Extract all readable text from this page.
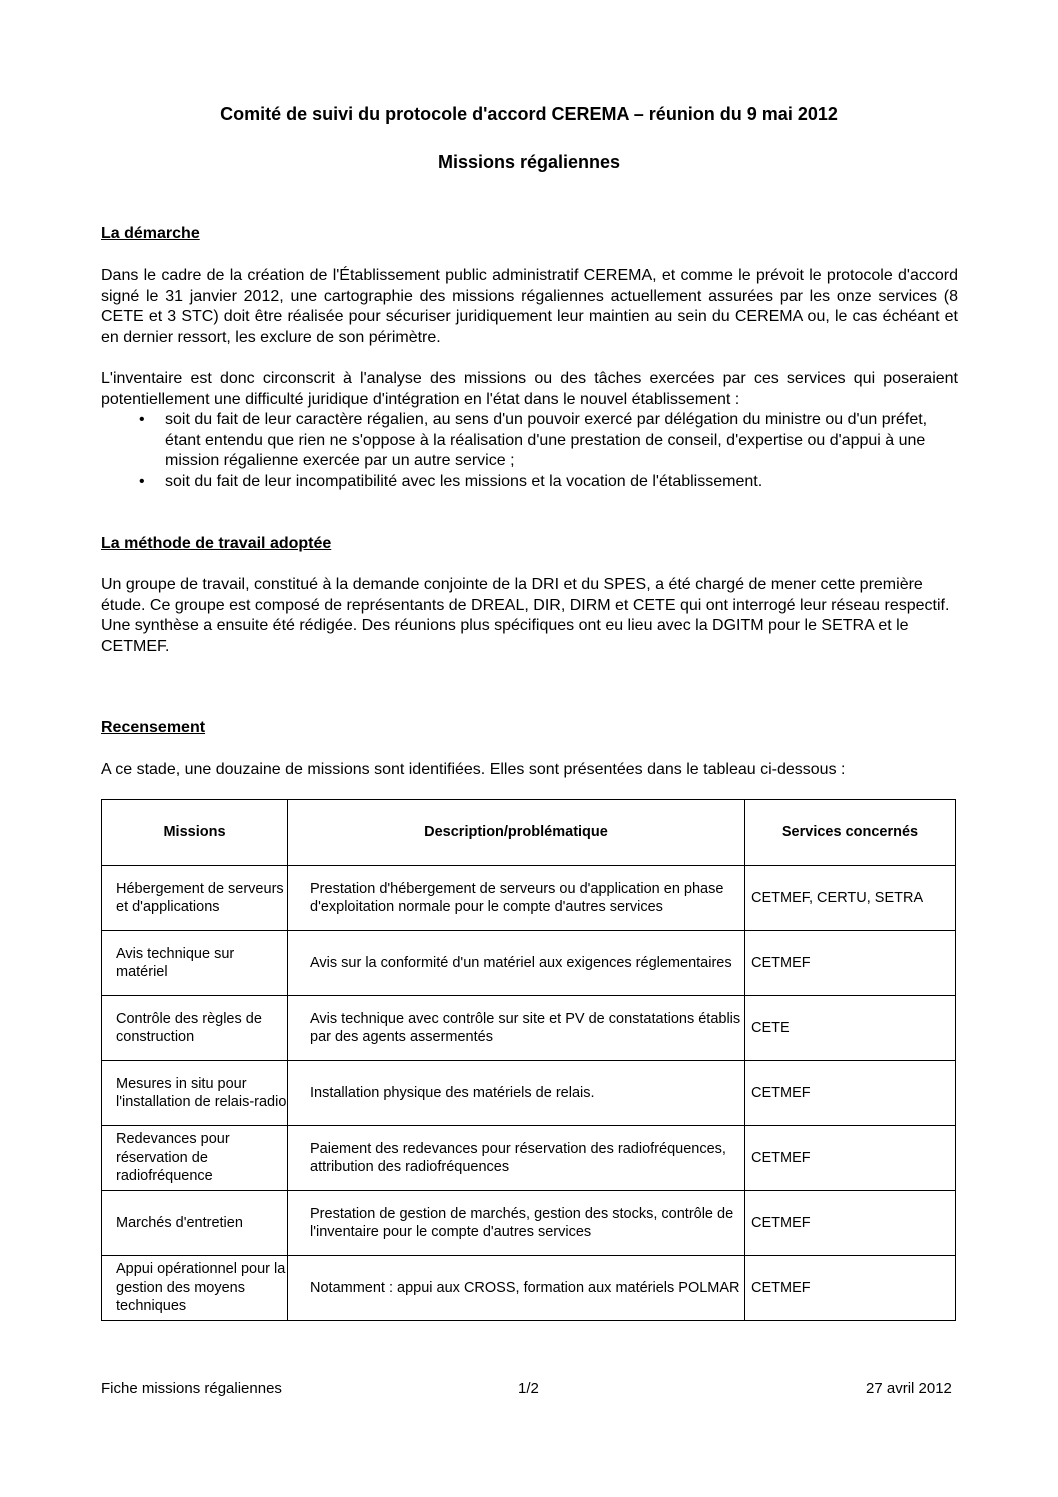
Comité de suivi du protocole d'accord CEREMA – réunion du 9 mai 2012
Missions régaliennes
La démarche
Dans le cadre de la création de l'Établissement public administratif CEREMA, et comme le prévoit le protocole d'accord signé le 31 janvier 2012, une cartographie des missions régaliennes actuellement assurées par les onze services (8 CETE et 3 STC) doit être réalisée pour sécuriser juridiquement leur maintien au sein du CEREMA ou, le cas échéant et en dernier ressort, les exclure de son périmètre.
L'inventaire est donc circonscrit à l'analyse des missions ou des tâches exercées par ces services qui poseraient potentiellement une difficulté juridique d'intégration en l'état dans le nouvel établissement :
• soit du fait de leur caractère régalien, au sens d'un pouvoir exercé par délégation du ministre ou d'un préfet, étant entendu que rien ne s'oppose à la réalisation d'une prestation de conseil, d'expertise ou d'appui à une mission régalienne exercée par un autre service ;
• soit du fait de leur incompatibilité avec les missions et la vocation de l'établissement.
La méthode de travail adoptée
Un groupe de travail, constitué à la demande conjointe de la DRI et du SPES, a été chargé de mener cette première étude. Ce groupe est composé de représentants de DREAL, DIR, DIRM et CETE qui ont interrogé leur réseau respectif. Une synthèse a ensuite été rédigée. Des réunions plus spécifiques ont eu lieu avec la DGITM pour le SETRA et le CETMEF.
Recensement
A ce stade, une douzaine de missions sont identifiées. Elles sont présentées dans le tableau ci-dessous :
Missions	Description/problématique	Services concernés
Hébergement de serveurs et d'applications	Prestation d'hébergement de serveurs ou d'application en phase d'exploitation normale pour le compte d'autres services	CETMEF, CERTU, SETRA
Avis technique sur matériel	Avis sur la conformité d'un matériel aux exigences réglementaires	CETMEF
Contrôle des règles de construction	Avis technique avec contrôle sur site et PV de constatations établis par des agents assermentés	CETE
Mesures in situ pour l'installation de relais-radio	Installation physique des matériels de relais.	CETMEF
Redevances pour réservation de radiofréquence	Paiement des redevances pour réservation des radiofréquences, attribution des radiofréquences	CETMEF
Marchés d'entretien	Prestation de gestion de marchés, gestion des stocks, contrôle de l'inventaire pour le compte d'autres services	CETMEF
Appui opérationnel pour la gestion des moyens techniques	Notamment : appui aux CROSS, formation aux matériels POLMAR	CETMEF
Fiche missions régaliennes	1/2	27 avril 2012
